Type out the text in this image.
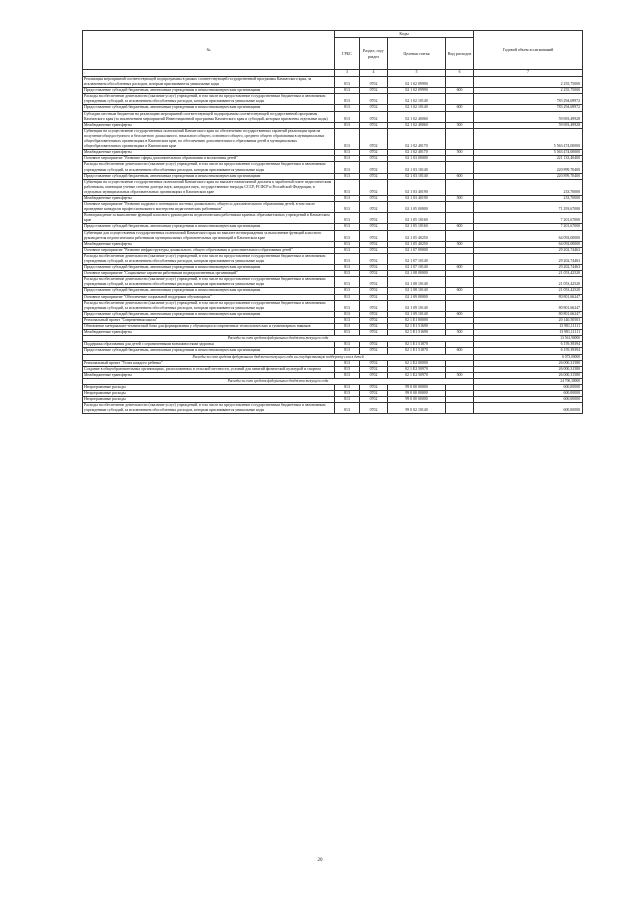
№	Коды				Годовой объем ассигнований
	ГРБС	Раздел, под-раздел	Целевая статья	Вид расходов	
.	3	4	5	6	7
Реализация мероприятий соответствующей подпрограммы в рамках соответствующей государственной программы Камчатского края, за исключением обособленных расходов, которым присваиваются уникальные коды	813	0702	02 1 02 09990		2 255,75000
Предоставление субсидий бюджетным, автономным учреждениям и иным некоммерческим организациям	813	0702	02 1 02 09990	600	2 255,75000
Расходы на обеспечение деятельности (оказание услуг) учреждений, в том числе на предоставление государственным бюджетным и автономным учреждениям субсидий, за исключением обособленных расходов, которым присваиваются уникальные коды	813	0702	02 1 02 10140		783 294,69972
Предоставление субсидий бюджетным, автономным учреждениям и иным некоммерческим организациям	813	0702	02 1 02 10140	600	783 294,69972
Субсидии местным бюджетам на реализацию мероприятий соответствующей подпрограммы соответствующей государственной программы Камчатского края (за исключением мероприятий Инвестиционной программы Камчатского края и субсидий, которым присвоены отдельные коды)	813	0702	02 1 02 40060		59 693,49928
Межбюджетные трансферты	813	0702	02 1 02 40060	500	59 693,49928
Субвенции на осуществление государственных полномочий Камчатского края по обеспечению государственных гарантий реализации прав на получение общедоступного и бесплатного дошкольного, начального общего, основного общего, среднего общего образования в муниципальных общеобразовательных организациях в Камчатском крае, по обеспечению дополнительного образования детей в муниципальных общеобразовательных организациях в Камчатском крае	813	0702	02 1 02 40170		5 563 474,00000
Межбюджетные трансферты	813	0702	02 1 02 40170	500	5 563 474,00000
Основное мероприятие "Развитие сферы дополнительного образования и воспитания детей"	813	0702	02 1 03 00000		221 133,40400
Расходы на обеспечение деятельности (оказание услуг) учреждений, в том числе на предоставление государственным бюджетным и автономным учреждениям субсидий, за исключением обособленных расходов, которым присваиваются уникальные коды	813	0702	02 1 03 10140		220 899,70400
Предоставление субсидий бюджетным, автономным учреждениям и иным некоммерческим организациям	813	0702	02 1 03 10140	600	220 899,70400
Субвенции на осуществление государственных полномочий Камчатского края по выплате ежемесячной доплаты к заработной плате педагогическим работникам, имеющим ученые степени доктора наук, кандидата наук, государственные награды СССР, РСФСР и Российской Федерации, в отдельных муниципальных образовательных организациях в Камчатском крае	813	0702	02 1 03 40190		233,70000
Межбюджетные трансферты	813	0702	02 1 03 40190	500	233,70000
Основное мероприятие "Развитие кадрового потенциала системы дошкольного, общего и дополнительного образования детей, в том числе проведение конкурсов профессионального мастерства педагогических работников"	813	0702	02 1 05 00000		71 293,67000
Вознаграждение за выполнение функций классного руководителя педагогическим работникам краевых образовательных учреждений в Камчатском крае	813	0702	02 1 05 10160		7 201,67000
Предоставление субсидий бюджетным, автономным учреждениям и иным некоммерческим организациям	813	0702	02 1 05 10160	600	7 201,67000
Субвенции для осуществления государственных полномочий Камчатского края по выплате вознаграждения за выполнение функций классного руководителя педагогическим работникам муниципальных образовательных организаций в Камчатском крае	813	0702	02 1 05 40250		64 092,00000
Межбюджетные трансферты	813	0702	02 1 05 40250	500	64 092,00000
Основное мероприятие "Развитие инфраструктуры дошкольного, общего образования и дополнительного образования детей"	813	0702	02 1 07 00000		29 202,74463
Расходы на обеспечение деятельности (оказание услуг) учреждений, в том числе на предоставление государственным бюджетным и автономным учреждениям субсидий, за исключением обособленных расходов, которым присваиваются уникальные коды	813	0702	02 1 07 10140		29 202,74463
Предоставление субсидий бюджетным, автономным учреждениям и иным некоммерческим организациям	813	0702	02 1 07 10140	600	29 202,74463
Основное мероприятие "Социальные гарантии работникам подведомственных организаций"	813	0702	02 1 08 00000		21 053,42520
Расходы на обеспечение деятельности (оказание услуг) учреждений, в том числе на предоставление государственным бюджетным и автономным учреждениям субсидий, за исключением обособленных расходов, которым присваиваются уникальные коды	813	0702	02 1 08 10140		21 053,42520
Предоставление субсидий бюджетным, автономным учреждениям и иным некоммерческим организациям	813	0702	02 1 08 10140	600	21 053,42520
Основное мероприятие "Обеспечение социальной поддержки обучающихся"	813	0702	02 1 09 00000		80 801,66247
Расходы на обеспечение деятельности (оказание услуг) учреждений, в том числе на предоставление государственным бюджетным и автономным учреждениям субсидий, за исключением обособленных расходов, которым присваиваются уникальные коды	813	0702	02 1 09 10140		80 801,66247
Предоставление субсидий бюджетным, автономным учреждениям и иным некоммерческим организациям	813	0702	02 1 09 10140	600	80 801,66247
Региональный проект "Современная школа"	813	0702	02 1 E1 00000		20 140,50503
Обновление материально-технической базы для формирования у обучающихся современных технологических и гуманитарных навыков	813	0702	02 1 E1 51690		13 981,11111
Межбюджетные трансферты	813	0702	02 1 E1 51690	500	13 981,11111
Расходы за счет средств федерального бюджета текущего года					13 561,90000
Поддержка образования для детей с ограниченными возможностями здоровья	813	0702	02 1 E1 51870		6 159,39394
Предоставление субсидий бюджетным, автономным учреждениям и иным некоммерческим организациям	813	0702	02 1 E1 51870	600	6 159,39394
Расходы за счет средств федерального бюджета текущего года на государственную поддержку села в детей					6 073,00000
Региональный проект "Успех каждого ребенка"	813	0702	02 1 E2 00000		26 000,31580
Создание в общеобразовательных организациях, расположенных в сельской местности, условий для занятий физической культурой и спортом	813	0702	02 1 E2 50970		26 000,31580
Межбюджетные трансферты	813	0702	02 1 E2 50970	500	26 000,31580
Расходы за счет средств федерального бюджета текущего года					24 700,30000
Непрограммные расходы	813	0702	99 0 00 00000		600,00000
Непрограммные расходы	813	0702	99 0 00 00000		600,00000
Непрограммные расходы	813	0702	99 0 00 00000		600,00000
Расходы на обеспечение деятельности (оказание услуг) учреждений, в том числе на предоставление государственным бюджетным и автономным учреждениям субсидий, за исключением обособленных расходов, которым присваиваются уникальные коды	813	0702	99 0 02 10140		600,00000
20
